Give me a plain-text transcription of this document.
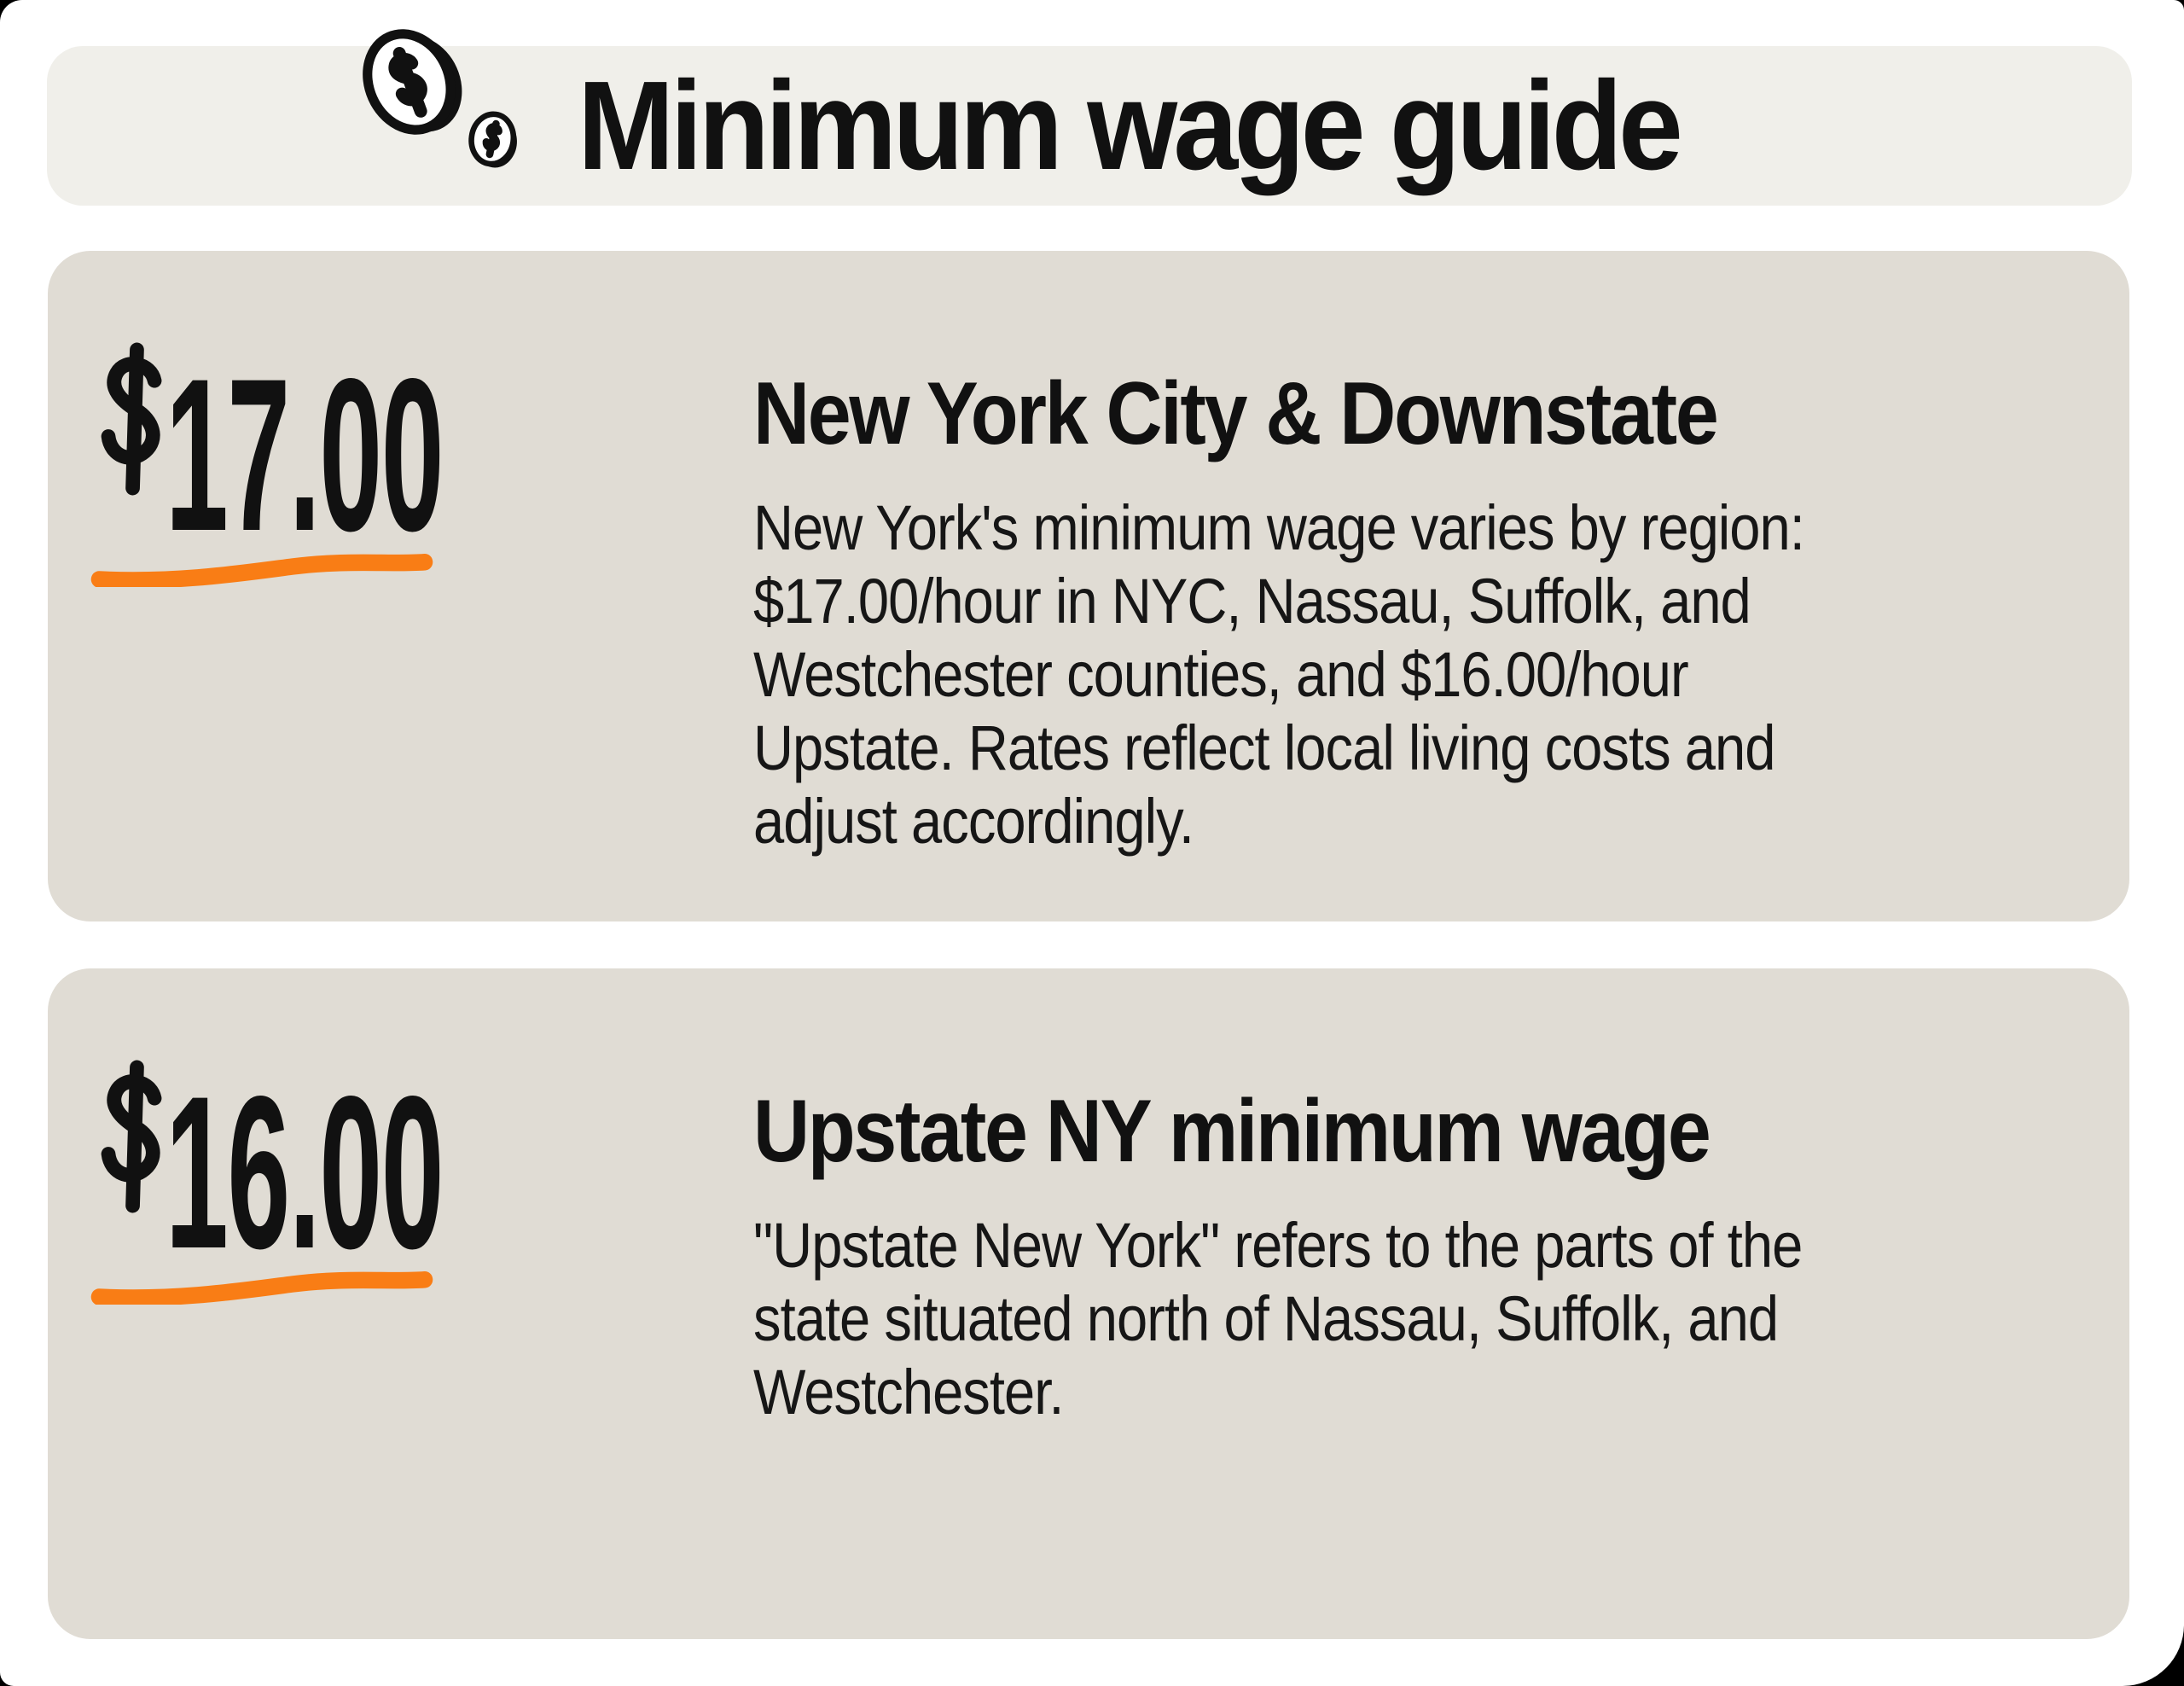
Minimum wage guide
17.00	New York City & Downstate
New York's minimum wage varies by region:
$17.00/hour in NYC, Nassau, Suffolk, and
Westchester counties, and $16.00/hour
Upstate. Rates reflect local living costs and
adjust accordingly.
16.00	Upstate NY minimum wage
"Upstate New York" refers to the parts of the
state situated north of Nassau, Suffolk, and
Westchester.
